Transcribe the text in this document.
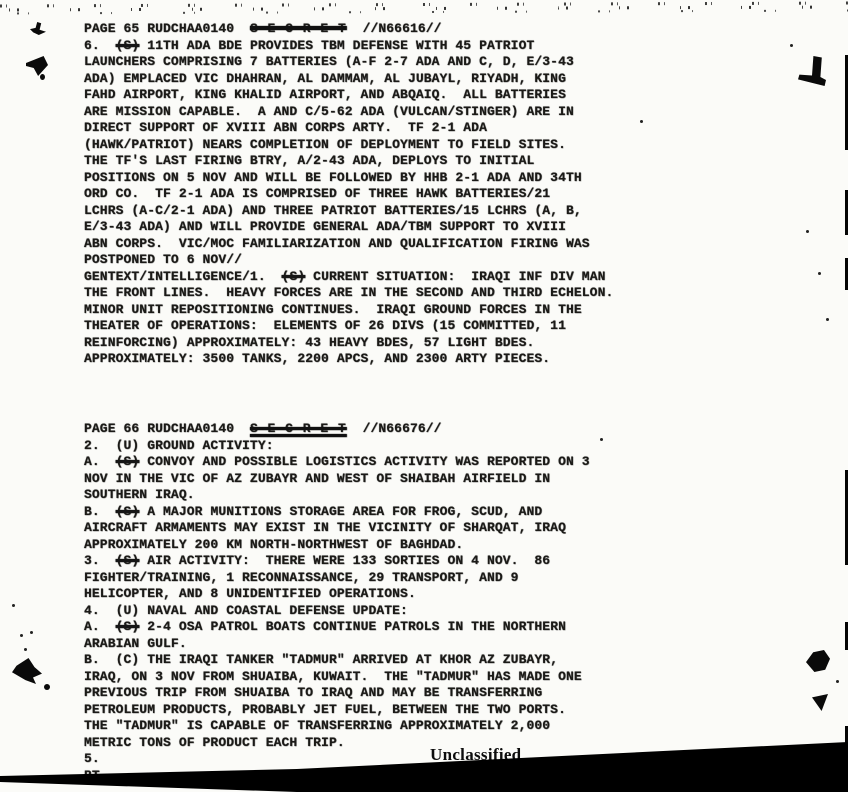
PAGE 65 RUDCHAA0140  S E C R E T  //N66616//
6.  (S) 11TH ADA BDE PROVIDES TBM DEFENSE WITH 45 PATRIOT
LAUNCHERS COMPRISING 7 BATTERIES (A-F 2-7 ADA AND C, D, E/3-43
ADA) EMPLACED VIC DHAHRAN, AL DAMMAM, AL JUBAYL, RIYADH, KING
FAHD AIRPORT, KING KHALID AIRPORT, AND ABQAIQ.  ALL BATTERIES
ARE MISSION CAPABLE.  A AND C/5-62 ADA (VULCAN/STINGER) ARE IN
DIRECT SUPPORT OF XVIII ABN CORPS ARTY.  TF 2-1 ADA
(HAWK/PATRIOT) NEARS COMPLETION OF DEPLOYMENT TO FIELD SITES.
THE TF'S LAST FIRING BTRY, A/2-43 ADA, DEPLOYS TO INITIAL
POSITIONS ON 5 NOV AND WILL BE FOLLOWED BY HHB 2-1 ADA AND 34TH
ORD CO.  TF 2-1 ADA IS COMPRISED OF THREE HAWK BATTERIES/21
LCHRS (A-C/2-1 ADA) AND THREE PATRIOT BATTERIES/15 LCHRS (A, B,
E/3-43 ADA) AND WILL PROVIDE GENERAL ADA/TBM SUPPORT TO XVIII
ABN CORPS.  VIC/MOC FAMILIARIZATION AND QUALIFICATION FIRING WAS
POSTPONED TO 6 NOV//
GENTEXT/INTELLIGENCE/1.  (S) CURRENT SITUATION:  IRAQI INF DIV MAN
THE FRONT LINES.  HEAVY FORCES ARE IN THE SECOND AND THIRD ECHELON.
MINOR UNIT REPOSITIONING CONTINUES.  IRAQI GROUND FORCES IN THE
THEATER OF OPERATIONS:  ELEMENTS OF 26 DIVS (15 COMMITTED, 11
REINFORCING) APPROXIMATELY: 43 HEAVY BDES, 57 LIGHT BDES.
APPROXIMATELY: 3500 TANKS, 2200 APCS, AND 2300 ARTY PIECES.
PAGE 66 RUDCHAA0140  S E C R E T  //N66676//
2.  (U) GROUND ACTIVITY:
A.  (S) CONVOY AND POSSIBLE LOGISTICS ACTIVITY WAS REPORTED ON 3
NOV IN THE VIC OF AZ ZUBAYR AND WEST OF SHAIBAH AIRFIELD IN
SOUTHERN IRAQ.
B.  (S) A MAJOR MUNITIONS STORAGE AREA FOR FROG, SCUD, AND
AIRCRAFT ARMAMENTS MAY EXIST IN THE VICINITY OF SHARQAT, IRAQ
APPROXIMATELY 200 KM NORTH-NORTHWEST OF BAGHDAD.
3.  (S) AIR ACTIVITY:  THERE WERE 133 SORTIES ON 4 NOV.  86
FIGHTER/TRAINING, 1 RECONNAISSANCE, 29 TRANSPORT, AND 9
HELICOPTER, AND 8 UNIDENTIFIED OPERATIONS.
4.  (U) NAVAL AND COASTAL DEFENSE UPDATE:
A.  (S) 2-4 OSA PATROL BOATS CONTINUE PATROLS IN THE NORTHERN
ARABIAN GULF.
B.  (C) THE IRAQI TANKER "TADMUR" ARRIVED AT KHOR AZ ZUBAYR,
IRAQ, ON 3 NOV FROM SHUAIBA, KUWAIT.  THE "TADMUR" HAS MADE ONE
PREVIOUS TRIP FROM SHUAIBA TO IRAQ AND MAY BE TRANSFERRING
PETROLEUM PRODUCTS, PROBABLY JET FUEL, BETWEEN THE TWO PORTS.
THE "TADMUR" IS CAPABLE OF TRANSFERRING APPROXIMATELY 2,000
METRIC TONS OF PRODUCT EACH TRIP.
5.	Unclassified
